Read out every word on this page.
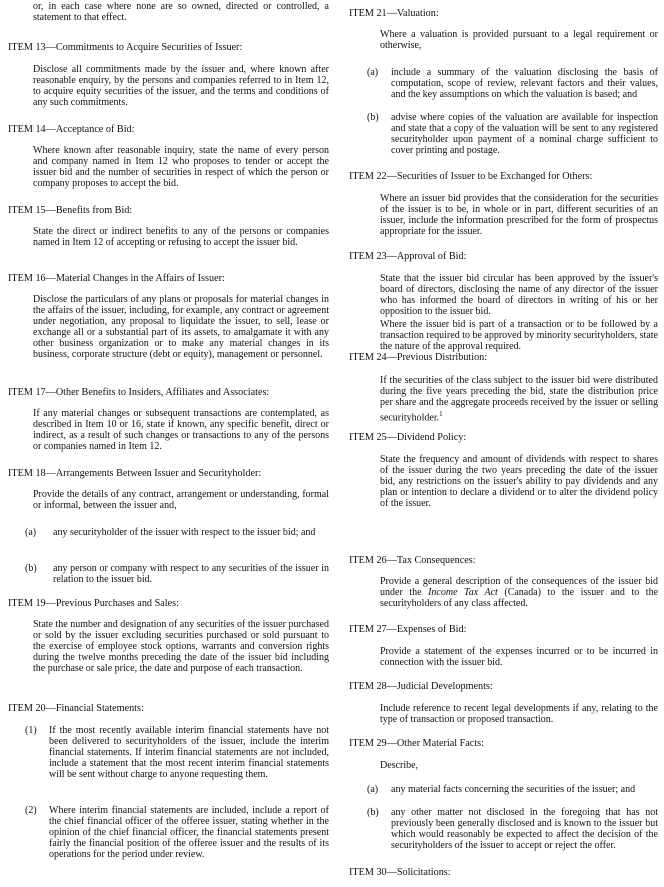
or, in each case where none are so owned, directed or controlled, a statement to that effect.

ITEM 13—Commitments to Acquire Securities of Issuer:

Disclose all commitments made by the issuer and, where known after reasonable enquiry, by the persons and companies referred to in Item 12, to acquire equity securities of the issuer, and the terms and conditions of any such commitments.

ITEM 14—Acceptance of Bid:

Where known after reasonable inquiry, state the name of every person and company named in Item 12 who proposes to tender or accept the issuer bid and the number of securities in respect of which the person or company proposes to accept the bid.

ITEM 15—Benefits from Bid:

State the direct or indirect benefits to any of the persons or companies named in Item 12 of accepting or refusing to accept the issuer bid.

ITEM 16—Material Changes in the Affairs of Issuer:

Disclose the particulars of any plans or proposals for material changes in the affairs of the issuer, including, for example, any contract or agreement under negotiation, any proposal to liquidate the issuer, to sell, lease or exchange all or a substantial part of its assets, to amalgamate it with any other business organization or to make any material changes in its business, corporate structure (debt or equity), management or personnel.

ITEM 17—Other Benefits to Insiders, Affiliates and Associates:

If any material changes or subsequent transactions are contemplated, as described in Item 10 or 16, state if known, any specific benefit, direct or indirect, as a result of such changes or transactions to any of the persons or companies named in Item 12.

ITEM 18—Arrangements Between Issuer and Securityholder:

Provide the details of any contract, arrangement or understanding, formal or informal, between the issuer and,

(a) any securityholder of the issuer with respect to the issuer bid; and
(b) any person or company with respect to any securities of the issuer in relation to the issuer bid.
ITEM 19—Previous Purchases and Sales:

State the number and designation of any securities of the issuer purchased or sold by the issuer excluding securities purchased or sold pursuant to the exercise of employee stock options, warrants and conversion rights during the twelve months preceding the date of the issuer bid including the purchase or sale price, the date and purpose of each transaction.

ITEM 20—Financial Statements:
(1) If the most recently available interim financial statements have not been delivered to securityholders of the issuer, include the interim financial statements. If interim financial statements are not included, include a statement that the most recent interim financial statements will be sent without charge to anyone requesting them.
(2) Where interim financial statements are included, include a report of the chief financial officer of the offeree issuer, stating whether in the opinion of the chief financial officer, the financial statements present fairly the financial position of the offeree issuer and the results of its operations for the period under review.
ITEM 21—Valuation:

Where a valuation is provided pursuant to a legal requirement or otherwise,

(a) include a summary of the valuation disclosing the basis of computation, scope of review, relevant factors and their values, and the key assumptions on which the valuation is based; and
(b) advise where copies of the valuation are available for inspection and state that a copy of the valuation will be sent to any registered securityholder upon payment of a nominal charge sufficient to cover printing and postage.
ITEM 22—Securities of Issuer to be Exchanged for Others:

Where an issuer bid provides that the consideration for the securities of the issuer is to be, in whole or in part, different securities of an issuer, include the information prescribed for the form of prospectus appropriate for the issuer.

ITEM 23—Approval of Bid:

State that the issuer bid circular has been approved by the issuer's board of directors, disclosing the name of any director of the issuer who has informed the board of directors in writing of his or her opposition to the issuer bid.

Where the issuer bid is part of a transaction or to be followed by a transaction required to be approved by minority securityholders, state the nature of the approval required.

ITEM 24—Previous Distribution:

If the securities of the class subject to the issuer bid were distributed during the five years preceding the bid, state the distribution price per share and the aggregate proceeds received by the issuer or selling securityholder.$^1$

ITEM 25—Dividend Policy:

State the frequency and amount of dividends with respect to shares of the issuer during the two years preceding the date of the issuer bid, any restrictions on the issuer's ability to pay dividends and any plan or intention to declare a dividend or to alter the dividend policy of the issuer.

ITEM 26—Tax Consequences:

Provide a general description of the consequences of the issuer bid under the Income Tax Act (Canada) to the issuer and to the securityholders of any class affected.

ITEM 27—Expenses of Bid:

Provide a statement of the expenses incurred or to be incurred in connection with the issuer bid.

ITEM 28—Judicial Developments:

Include reference to recent legal developments if any, relating to the type of transaction or proposed transaction.

ITEM 29—Other Material Facts:

Describe,

(a) any material facts concerning the securities of the issuer; and
(b) any other matter not disclosed in the foregoing that has not previously been generally disclosed and is known to the issuer but which would reasonably be expected to affect the decision of the securityholders of the issuer to accept or reject the offer.
ITEM 30—Solicitations:
